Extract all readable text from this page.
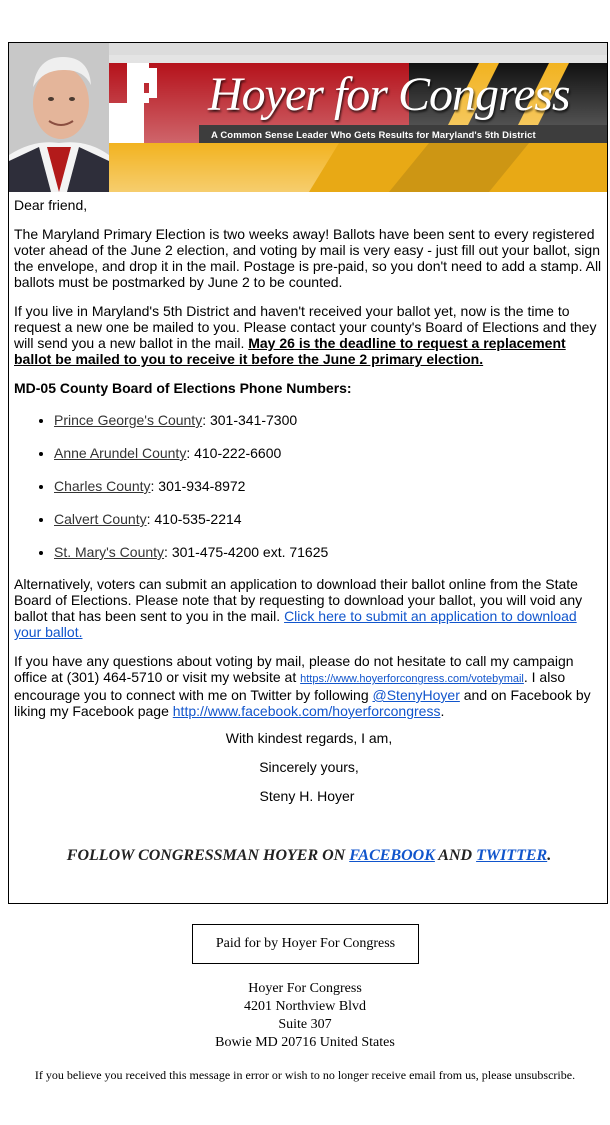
Hoyer for Congress
A Common Sense Leader Who Gets Results for Maryland's 5th District

Dear friend,

The Maryland Primary Election is two weeks away! Ballots have been sent to every registered voter ahead of the June 2 election, and voting by mail is very easy - just fill out your ballot, sign the envelope, and drop it in the mail. Postage is pre-paid, so you don't need to add a stamp. All ballots must be postmarked by June 2 to be counted.

If you live in Maryland's 5th District and haven't received your ballot yet, now is the time to request a new one be mailed to you. Please contact your county's Board of Elections and they will send you a new ballot in the mail. May 26 is the deadline to request a replacement ballot be mailed to you to receive it before the June 2 primary election.

MD-05 County Board of Elections Phone Numbers:

• Prince George's County: 301-341-7300
• Anne Arundel County: 410-222-6600
• Charles County: 301-934-8972
• Calvert County: 410-535-2214
• St. Mary's County: 301-475-4200 ext. 71625

Alternatively, voters can submit an application to download their ballot online from the State Board of Elections. Please note that by requesting to download your ballot, you will void any ballot that has been sent to you in the mail. Click here to submit an application to download your ballot.

If you have any questions about voting by mail, please do not hesitate to call my campaign office at (301) 464-5710 or visit my website at https://www.hoyerforcongress.com/votebymail. I also encourage you to connect with me on Twitter by following @StenyHoyer and on Facebook by liking my Facebook page http://www.facebook.com/hoyerforcongress.

With kindest regards, I am,

Sincerely yours,

Steny H. Hoyer

FOLLOW CONGRESSMAN HOYER ON FACEBOOK AND TWITTER.

Paid for by Hoyer For Congress
Hoyer For Congress
4201 Northview Blvd
Suite 307
Bowie MD 20716 United States
If you believe you received this message in error or wish to no longer receive email from us, please unsubscribe.
